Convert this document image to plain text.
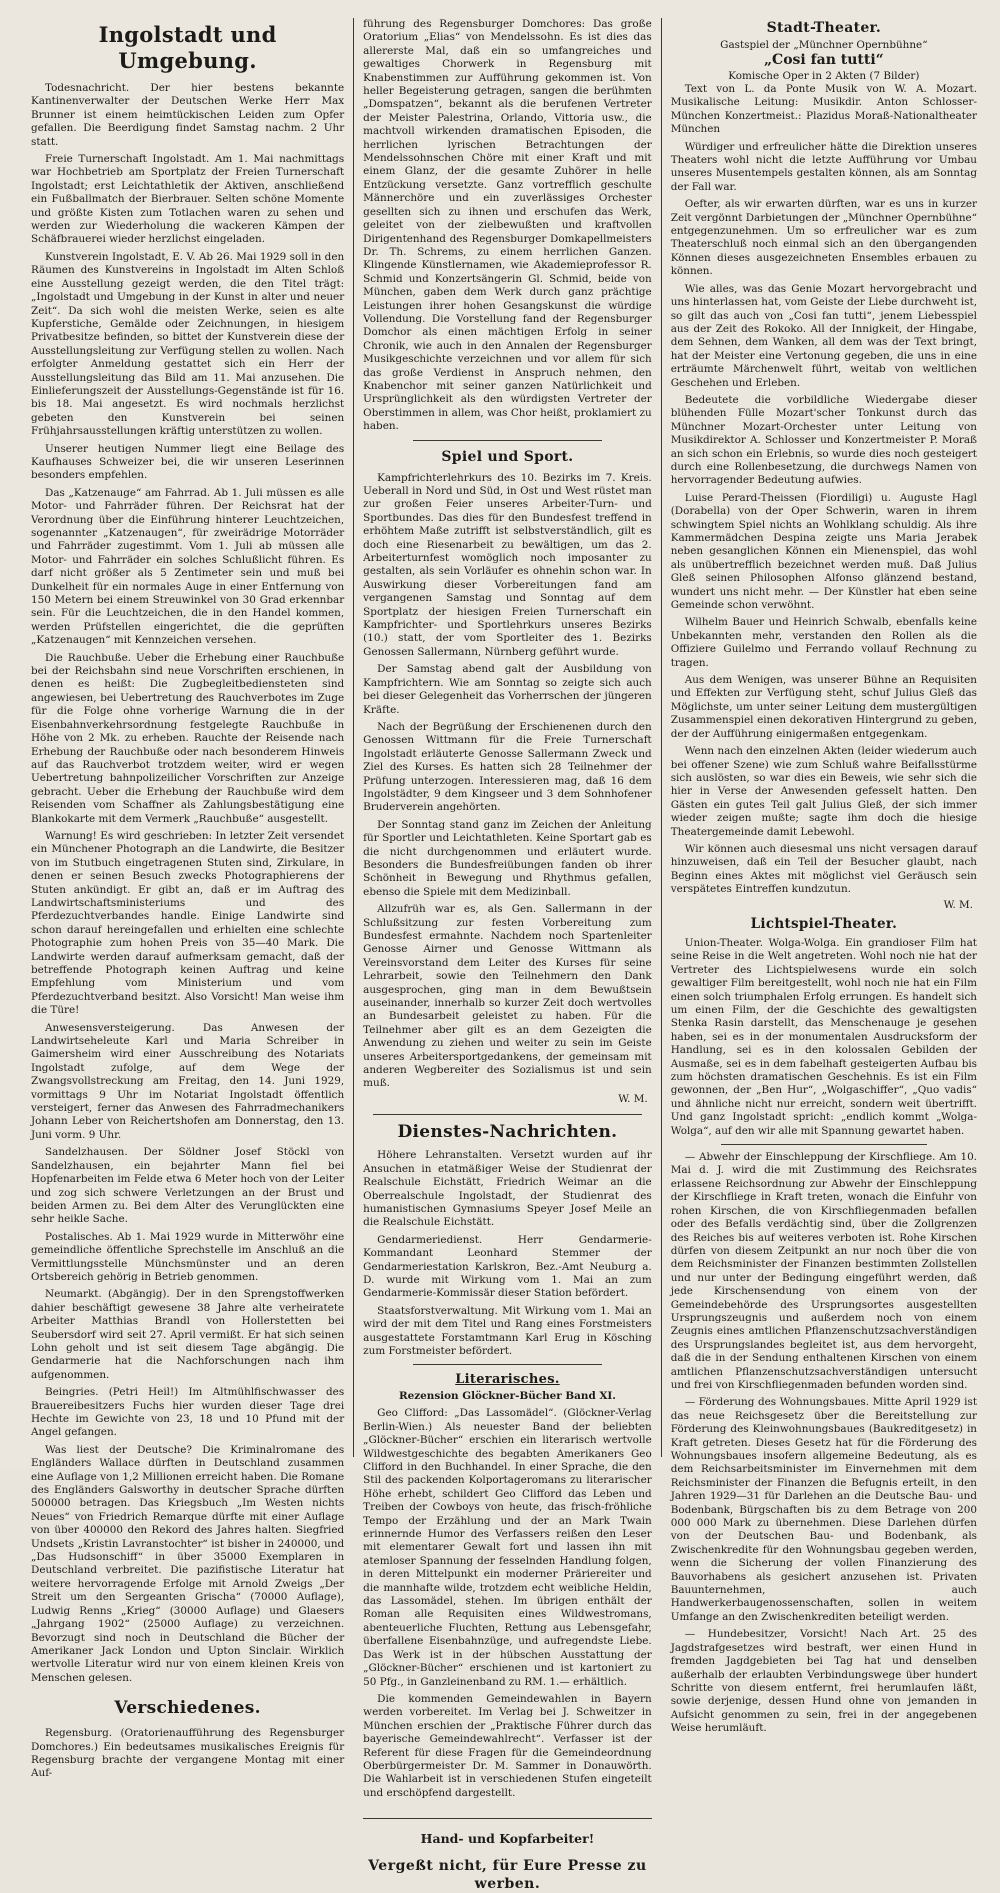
Ingolstadt und Umgebung.

Todesnachricht. Der hier bestens bekannte Kantinenverwalter der Deutschen Werke Herr Max Brunner ist einem heimtückischen Leiden zum Opfer gefallen. Die Beerdigung findet Samstag nachm. 2 Uhr statt.

Freie Turnerschaft Ingolstadt. Am 1. Mai nachmittags war Hochbetrieb am Sportplatz der Freien Turnerschaft Ingolstadt; erst Leichtathletik der Aktiven, anschließend ein Fußballmatch der Bierbrauer. Selten schöne Momente und größte Kisten zum Totlachen waren zu sehen und werden zur Wiederholung die wackeren Kämpen der Schäfbrauerei wieder herzlichst eingeladen.

Kunstverein Ingolstadt, E. V. Ab 26. Mai 1929 soll in den Räumen des Kunstvereins in Ingolstadt im Alten Schloß eine Ausstellung gezeigt werden, die den Titel trägt: „Ingolstadt und Umgebung in der Kunst in alter und neuer Zeit“. Da sich wohl die meisten Werke, seien es alte Kupferstiche, Gemälde oder Zeichnungen, in hiesigem Privatbesitze befinden, so bittet der Kunstverein diese der Ausstellungsleitung zur Verfügung stellen zu wollen. Nach erfolgter Anmeldung gestattet sich ein Herr der Ausstellungsleitung das Bild am 11. Mai anzusehen. Die Einlieferungszeit der Ausstellungs-Gegenstände ist für 16. bis 18. Mai angesetzt. Es wird nochmals herzlichst gebeten den Kunstverein bei seinen Frühjahrsausstellungen kräftig unterstützen zu wollen.

Unserer heutigen Nummer liegt eine Beilage des Kaufhauses Schweizer bei, die wir unseren Leserinnen besonders empfehlen.

Das „Katzenauge“ am Fahrrad. Ab 1. Juli müssen es alle Motor- und Fahrräder führen. Der Reichsrat hat der Verordnung über die Einführung hinterer Leuchtzeichen, sogenannter „Katzenaugen“, für zweirädrige Motorräder und Fahrräder zugestimmt. Vom 1. Juli ab müssen alle Motor- und Fahrräder ein solches Schlußlicht führen. Es darf nicht größer als 5 Zentimeter sein und muß bei Dunkelheit für ein normales Auge in einer Entfernung von 150 Metern bei einem Streuwinkel von 30 Grad erkennbar sein. Für die Leuchtzeichen, die in den Handel kommen, werden Prüfstellen eingerichtet, die die geprüften „Katzenaugen“ mit Kennzeichen versehen.

Die Rauchbuße. Ueber die Erhebung einer Rauchbuße bei der Reichsbahn sind neue Vorschriften erschienen, in denen es heißt: Die Zugbegleitbediensteten sind angewiesen, bei Uebertretung des Rauchverbotes im Zuge für die Folge ohne vorherige Warnung die in der Eisenbahnverkehrsordnung festgelegte Rauchbuße in Höhe von 2 Mk. zu erheben. Rauchte der Reisende nach Erhebung der Rauchbuße oder nach besonderem Hinweis auf das Rauchverbot trotzdem weiter, wird er wegen Uebertretung bahnpolizeilicher Vorschriften zur Anzeige gebracht. Ueber die Erhebung der Rauchbuße wird dem Reisenden vom Schaffner als Zahlungsbestätigung eine Blankokarte mit dem Vermerk „Rauchbuße“ ausgestellt.

Warnung! Es wird geschrieben: In letzter Zeit versendet ein Münchener Photograph an die Landwirte, die Besitzer von im Stutbuch eingetragenen Stuten sind, Zirkulare, in denen er seinen Besuch zwecks Photographierens der Stuten ankündigt. Er gibt an, daß er im Auftrag des Landwirtschaftsministeriums und des Pferdezuchtverbandes handle. Einige Landwirte sind schon darauf hereingefallen und erhielten eine schlechte Photographie zum hohen Preis von 35—40 Mark. Die Landwirte werden darauf aufmerksam gemacht, daß der betreffende Photograph keinen Auftrag und keine Empfehlung vom Ministerium und vom Pferdezuchtverband besitzt. Also Vorsicht! Man weise ihm die Türe!

Anwesensversteigerung. Das Anwesen der Landwirtseheleute Karl und Maria Schreiber in Gaimersheim wird einer Ausschreibung des Notariats Ingolstadt zufolge, auf dem Wege der Zwangsvollstreckung am Freitag, den 14. Juni 1929, vormittags 9 Uhr im Notariat Ingolstadt öffentlich versteigert, ferner das Anwesen des Fahrradmechanikers Johann Leber von Reichertshofen am Donnerstag, den 13. Juni vorm. 9 Uhr.

Sandelzhausen. Der Söldner Josef Stöckl von Sandelzhausen, ein bejahrter Mann fiel bei Hopfenarbeiten im Felde etwa 6 Meter hoch von der Leiter und zog sich schwere Verletzungen an der Brust und beiden Armen zu. Bei dem Alter des Verunglückten eine sehr heikle Sache.

Postalisches. Ab 1. Mai 1929 wurde in Mitterwöhr eine gemeindliche öffentliche Sprechstelle im Anschluß an die Vermittlungsstelle Münchsmünster und an deren Ortsbereich gehörig in Betrieb genommen.

Neumarkt. (Abgängig). Der in den Sprengstoffwerken dahier beschäftigt gewesene 38 Jahre alte verheiratete Arbeiter Matthias Brandl von Hollerstetten bei Seubersdorf wird seit 27. April vermißt. Er hat sich seinen Lohn geholt und ist seit diesem Tage abgängig. Die Gendarmerie hat die Nachforschungen nach ihm aufgenommen.

Beingries. (Petri Heil!) Im Altmühlfischwasser des Brauereibesitzers Fuchs hier wurden dieser Tage drei Hechte im Gewichte von 23, 18 und 10 Pfund mit der Angel gefangen.

Was liest der Deutsche? Die Kriminalromane des Engländers Wallace dürften in Deutschland zusammen eine Auflage von 1,2 Millionen erreicht haben. Die Romane des Engländers Galsworthy in deutscher Sprache dürften 500000 betragen. Das Kriegsbuch „Im Westen nichts Neues“ von Friedrich Remarque dürfte mit einer Auflage von über 400000 den Rekord des Jahres halten. Siegfried Undsets „Kristin Lavranstochter“ ist bisher in 240000, und „Das Hudsonschiff“ in über 35000 Exemplaren in Deutschland verbreitet. Die pazifistische Literatur hat weitere hervorragende Erfolge mit Arnold Zweigs „Der Streit um den Sergeanten Grischa“ (70000 Auflage), Ludwig Renns „Krieg“ (30000 Auflage) und Glaesers „Jahrgang 1902“ (25000 Auflage) zu verzeichnen. Bevorzugt sind noch in Deutschland die Bücher der Amerikaner Jack London und Upton Sinclair. Wirklich wertvolle Literatur wird nur von einem kleinen Kreis von Menschen gelesen.

Verschiedenes.

Regensburg. (Oratorienaufführung des Regensburger Domchores.) Ein bedeutsames musikalisches Ereignis für Regensburg brachte der vergangene Montag mit einer Auf-

führung des Regensburger Domchores: Das große Oratorium „Elias“ von Mendelssohn. Es ist dies das allererste Mal, daß ein so umfangreiches und gewaltiges Chorwerk in Regensburg mit Knabenstimmen zur Aufführung gekommen ist. Von heller Begeisterung getragen, sangen die berühmten „Domspatzen“, bekannt als die berufenen Vertreter der Meister Palestrina, Orlando, Vittoria usw., die machtvoll wirkenden dramatischen Episoden, die herrlichen lyrischen Betrachtungen der Mendelssohnschen Chöre mit einer Kraft und mit einem Glanz, der die gesamte Zuhörer in helle Entzückung versetzte. Ganz vortrefflich geschulte Männerchöre und ein zuverlässiges Orchester gesellten sich zu ihnen und erschufen das Werk, geleitet von der zielbewußten und kraftvollen Dirigentenhand des Regensburger Domkapellmeisters Dr. Th. Schrems, zu einem herrlichen Ganzen. Klingende Künstlernamen, wie Akademieprofessor R. Schmid und Konzertsängerin Gl. Schmid, beide von München, gaben dem Werk durch ganz prächtige Leistungen ihrer hohen Gesangskunst die würdige Vollendung. Die Vorstellung fand der Regensburger Domchor als einen mächtigen Erfolg in seiner Chronik, wie auch in den Annalen der Regensburger Musikgeschichte verzeichnen und vor allem für sich das große Verdienst in Anspruch nehmen, den Knabenchor mit seiner ganzen Natürlichkeit und Ursprünglichkeit als den würdigsten Vertreter der Oberstimmen in allem, was Chor heißt, proklamiert zu haben.

Spiel und Sport.

Kampfrichterlehrkurs des 10. Bezirks im 7. Kreis. Ueberall in Nord und Süd, in Ost und West rüstet man zur großen Feier unseres Arbeiter-Turn- und Sportbundes. Das dies für den Bundesfest treffend in erhöhtem Maße zutrifft ist selbstverständlich, gilt es doch eine Riesenarbeit zu bewältigen, um das 2. Arbeiterturnfest womöglich noch imposanter zu gestalten, als sein Vorläufer es ohnehin schon war. In Auswirkung dieser Vorbereitungen fand am vergangenen Samstag und Sonntag auf dem Sportplatz der hiesigen Freien Turnerschaft ein Kampfrichter- und Sportlehrkurs unseres Bezirks (10.) statt, der vom Sportleiter des 1. Bezirks Genossen Sallermann, Nürnberg geführt wurde.

Der Samstag abend galt der Ausbildung von Kampfrichtern. Wie am Sonntag so zeigte sich auch bei dieser Gelegenheit das Vorherrschen der jüngeren Kräfte.

Nach der Begrüßung der Erschienenen durch den Genossen Wittmann für die Freie Turnerschaft Ingolstadt erläuterte Genosse Sallermann Zweck und Ziel des Kurses. Es hatten sich 28 Teilnehmer der Prüfung unterzogen. Interessieren mag, daß 16 dem Ingolstädter, 9 dem Kingseer und 3 dem Sohnhofener Bruderverein angehörten.

Der Sonntag stand ganz im Zeichen der Anleitung für Sportler und Leichtathleten. Keine Sportart gab es die nicht durchgenommen und erläutert wurde. Besonders die Bundesfreiübungen fanden ob ihrer Schönheit in Bewegung und Rhythmus gefallen, ebenso die Spiele mit dem Medizinball.

Allzufrüh war es, als Gen. Sallermann in der Schlußsitzung zur festen Vorbereitung zum Bundesfest ermahnte. Nachdem noch Spartenleiter Genosse Airner und Genosse Wittmann als Vereinsvorstand dem Leiter des Kurses für seine Lehrarbeit, sowie den Teilnehmern den Dank ausgesprochen, ging man in dem Bewußtsein auseinander, innerhalb so kurzer Zeit doch wertvolles an Bundesarbeit geleistet zu haben. Für die Teilnehmer aber gilt es an dem Gezeigten die Anwendung zu ziehen und weiter zu sein im Geiste unseres Arbeitersportgedankens, der gemeinsam mit anderen Wegbereiter des Sozialismus ist und sein muß.

W. M.
Dienstes-Nachrichten.

Höhere Lehranstalten. Versetzt wurden auf ihr Ansuchen in etatmäßiger Weise der Studienrat der Realschule Eichstätt, Friedrich Weimar an die Oberrealschule Ingolstadt, der Studienrat des humanistischen Gymnasiums Speyer Josef Meile an die Realschule Eichstätt.

Gendarmeriedienst. Herr Gendarmerie-Kommandant Leonhard Stemmer der Gendarmeriestation Karlskron, Bez.-Amt Neuburg a. D. wurde mit Wirkung vom 1. Mai an zum Gendarmerie-Kommissär dieser Station befördert.

Staatsforstverwaltung. Mit Wirkung vom 1. Mai an wird der mit dem Titel und Rang eines Forstmeisters ausgestattete Forstamtmann Karl Erug in Kösching zum Forstmeister befördert.

Literarisches.
Rezension Glöckner-Bücher Band XI.

Geo Clifford: „Das Lassomädel“. (Glöckner-Verlag Berlin-Wien.) Als neuester Band der beliebten „Glöckner-Bücher“ erschien ein literarisch wertvolle Wildwestgeschichte des begabten Amerikaners Geo Clifford in den Buchhandel. In einer Sprache, die den Stil des packenden Kolportageromans zu literarischer Höhe erhebt, schildert Geo Clifford das Leben und Treiben der Cowboys von heute, das frisch-fröhliche Tempo der Erzählung und der an Mark Twain erinnernde Humor des Verfassers reißen den Leser mit elementarer Gewalt fort und lassen ihn mit atemloser Spannung der fesselnden Handlung folgen, in deren Mittelpunkt ein moderner Präriereiter und die mannhafte wilde, trotzdem echt weibliche Heldin, das Lassomädel, stehen. Im übrigen enthält der Roman alle Requisiten eines Wildwestromans, abenteuerliche Fluchten, Rettung aus Lebensgefahr, überfallene Eisenbahnzüge, und aufregendste Liebe. Das Werk ist in der hübschen Ausstattung der „Glöckner-Bücher“ erschienen und ist kartoniert zu 50 Pfg., in Ganzleinenband zu RM. 1.— erhältlich.

Die kommenden Gemeindewahlen in Bayern werden vorbereitet. Im Verlag bei J. Schweitzer in München erschien der „Praktische Führer durch das bayerische Gemeindewahlrecht“. Verfasser ist der Referent für diese Fragen für die Gemeindeordnung Oberbürgermeister Dr. M. Sammer in Donauwörth. Die Wahlarbeit ist in verschiedenen Stufen eingeteilt und erschöpfend dargestellt.

Hand- und Kopfarbeiter!
Vergeßt nicht, für Eure Presse zu werben.
Stadt-Theater.
Gastspiel der „Münchner Opernbühne“
„Cosi fan tutti“
Komische Oper in 2 Akten (7 Bilder)

Text von L. da Ponte Musik von W. A. Mozart. Musikalische Leitung: Musikdir. Anton Schlosser-München Konzertmeist.: Plazidus Moraß-Nationaltheater München

Würdiger und erfreulicher hätte die Direktion unseres Theaters wohl nicht die letzte Aufführung vor Umbau unseres Musentempels gestalten können, als am Sonntag der Fall war.

Oefter, als wir erwarten dürften, war es uns in kurzer Zeit vergönnt Darbietungen der „Münchner Opernbühne“ entgegenzunehmen. Um so erfreulicher war es zum Theaterschluß noch einmal sich an den übergangenden Können dieses ausgezeichneten Ensembles erbauen zu können.

Wie alles, was das Genie Mozart hervorgebracht und uns hinterlassen hat, vom Geiste der Liebe durchweht ist, so gilt das auch von „Cosi fan tutti“, jenem Liebesspiel aus der Zeit des Rokoko. All der Innigkeit, der Hingabe, dem Sehnen, dem Wanken, all dem was der Text bringt, hat der Meister eine Vertonung gegeben, die uns in eine erträumte Märchenwelt führt, weitab von weltlichen Geschehen und Erleben.

Bedeutete die vorbildliche Wiedergabe dieser blühenden Fülle Mozart'scher Tonkunst durch das Münchner Mozart-Orchester unter Leitung von Musikdirektor A. Schlosser und Konzertmeister P. Moraß an sich schon ein Erlebnis, so wurde dies noch gesteigert durch eine Rollenbesetzung, die durchwegs Namen von hervorragender Bedeutung aufwies.

Luise Perard-Theissen (Fiordiligi) u. Auguste Hagl (Dorabella) von der Oper Schwerin, waren in ihrem schwingtem Spiel nichts an Wohlklang schuldig. Als ihre Kammermädchen Despina zeigte uns Maria Jerabek neben gesanglichen Können ein Mienenspiel, das wohl als unübertrefflich bezeichnet werden muß. Daß Julius Gleß seinen Philosophen Alfonso glänzend bestand, wundert uns nicht mehr. — Der Künstler hat eben seine Gemeinde schon verwöhnt.

Wilhelm Bauer und Heinrich Schwalb, ebenfalls keine Unbekannten mehr, verstanden den Rollen als die Offiziere Guilelmo und Ferrando vollauf Rechnung zu tragen.

Aus dem Wenigen, was unserer Bühne an Requisiten und Effekten zur Verfügung steht, schuf Julius Gleß das Möglichste, um unter seiner Leitung dem mustergültigen Zusammenspiel einen dekorativen Hintergrund zu geben, der der Aufführung einigermaßen entgegenkam.

Wenn nach den einzelnen Akten (leider wiederum auch bei offener Szene) wie zum Schluß wahre Beifallsstürme sich auslösten, so war dies ein Beweis, wie sehr sich die hier in Verse der Anwesenden gefesselt hatten. Den Gästen ein gutes Teil galt Julius Gleß, der sich immer wieder zeigen mußte; sagte ihm doch die hiesige Theatergemeinde damit Lebewohl.

Wir können auch diesesmal uns nicht versagen darauf hinzuweisen, daß ein Teil der Besucher glaubt, nach Beginn eines Aktes mit möglichst viel Geräusch sein verspätetes Eintreffen kundzutun.

W. M.
Lichtspiel-Theater.

Union-Theater. Wolga-Wolga. Ein grandioser Film hat seine Reise in die Welt angetreten. Wohl noch nie hat der Vertreter des Lichtspielwesens wurde ein solch gewaltiger Film bereitgestellt, wohl noch nie hat ein Film einen solch triumphalen Erfolg errungen. Es handelt sich um einen Film, der die Geschichte des gewaltigsten Stenka Rasin darstellt, das Menschenauge je gesehen haben, sei es in der monumentalen Ausdrucksform der Handlung, sei es in den kolossalen Gebilden der Ausmaße, sei es in dem fabelhaft gesteigerten Aufbau bis zum höchsten dramatischen Geschehnis. Es ist ein Film gewonnen, der „Ben Hur“, „Wolgaschiffer“, „Quo vadis“ und ähnliche nicht nur erreicht, sondern weit übertrifft. Und ganz Ingolstadt spricht: „endlich kommt „Wolga-Wolga“, auf den wir alle mit Spannung gewartet haben.

— Abwehr der Einschleppung der Kirschfliege. Am 10. Mai d. J. wird die mit Zustimmung des Reichsrates erlassene Reichsordnung zur Abwehr der Einschleppung der Kirschfliege in Kraft treten, wonach die Einfuhr von rohen Kirschen, die von Kirschfliegenmaden befallen oder des Befalls verdächtig sind, über die Zollgrenzen des Reiches bis auf weiteres verboten ist. Rohe Kirschen dürfen von diesem Zeitpunkt an nur noch über die von dem Reichsminister der Finanzen bestimmten Zollstellen und nur unter der Bedingung eingeführt werden, daß jede Kirschensendung von einem von der Gemeindebehörde des Ursprungsortes ausgestellten Ursprungszeugnis und außerdem noch von einem Zeugnis eines amtlichen Pflanzenschutzsachverständigen des Ursprungslandes begleitet ist, aus dem hervorgeht, daß die in der Sendung enthaltenen Kirschen von einem amtlichen Pflanzenschutzsachverständigen untersucht und frei von Kirschfliegenmaden befunden worden sind.

— Förderung des Wohnungsbaues. Mitte April 1929 ist das neue Reichsgesetz über die Bereitstellung zur Förderung des Kleinwohnungsbaues (Baukreditgesetz) in Kraft getreten. Dieses Gesetz hat für die Förderung des Wohnungsbaues insofern allgemeine Bedeutung, als es dem Reichsarbeitsminister im Einvernehmen mit dem Reichsminister der Finanzen die Befugnis erteilt, in den Jahren 1929—31 für Darlehen an die Deutsche Bau- und Bodenbank, Bürgschaften bis zu dem Betrage von 200 000 000 Mark zu übernehmen. Diese Darlehen dürfen von der Deutschen Bau- und Bodenbank, als Zwischenkredite für den Wohnungsbau gegeben werden, wenn die Sicherung der vollen Finanzierung des Bauvorhabens als gesichert anzusehen ist. Privaten Bauunternehmen, auch Handwerkerbaugenossenschaften, sollen in weitem Umfange an den Zwischenkrediten beteiligt werden.

— Hundebesitzer, Vorsicht! Nach Art. 25 des Jagdstrafgesetzes wird bestraft, wer einen Hund in fremden Jagdgebieten bei Tag hat und denselben außerhalb der erlaubten Verbindungswege über hundert Schritte von diesem entfernt, frei herumlaufen läßt, sowie derjenige, dessen Hund ohne von jemanden in Aufsicht genommen zu sein, frei in der angegebenen Weise herumläuft.
